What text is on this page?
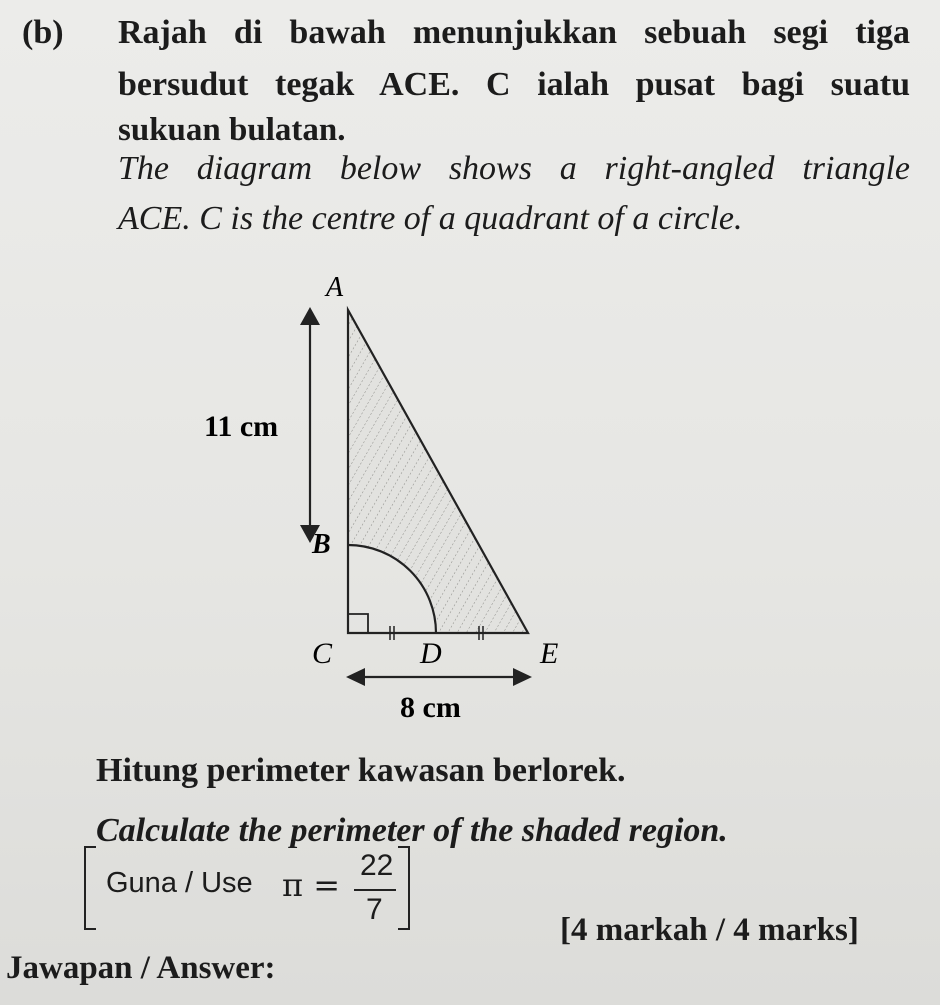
(b) Rajah di bawah menunjukkan sebuah segi tiga
bersudut tegak ACE. C ialah pusat bagi suatu
sukuan bulatan.
The diagram below shows a right-angled triangle
ACE. C is the centre of a quadrant of a circle.
A
B
C	D	E
11 cm
8 cm
Hitung perimeter kawasan berlorek.
Calculate the perimeter of the shaded region.
Guna / Use π =
22
7
[4 markah / 4 marks]
Jawapan / Answer:
